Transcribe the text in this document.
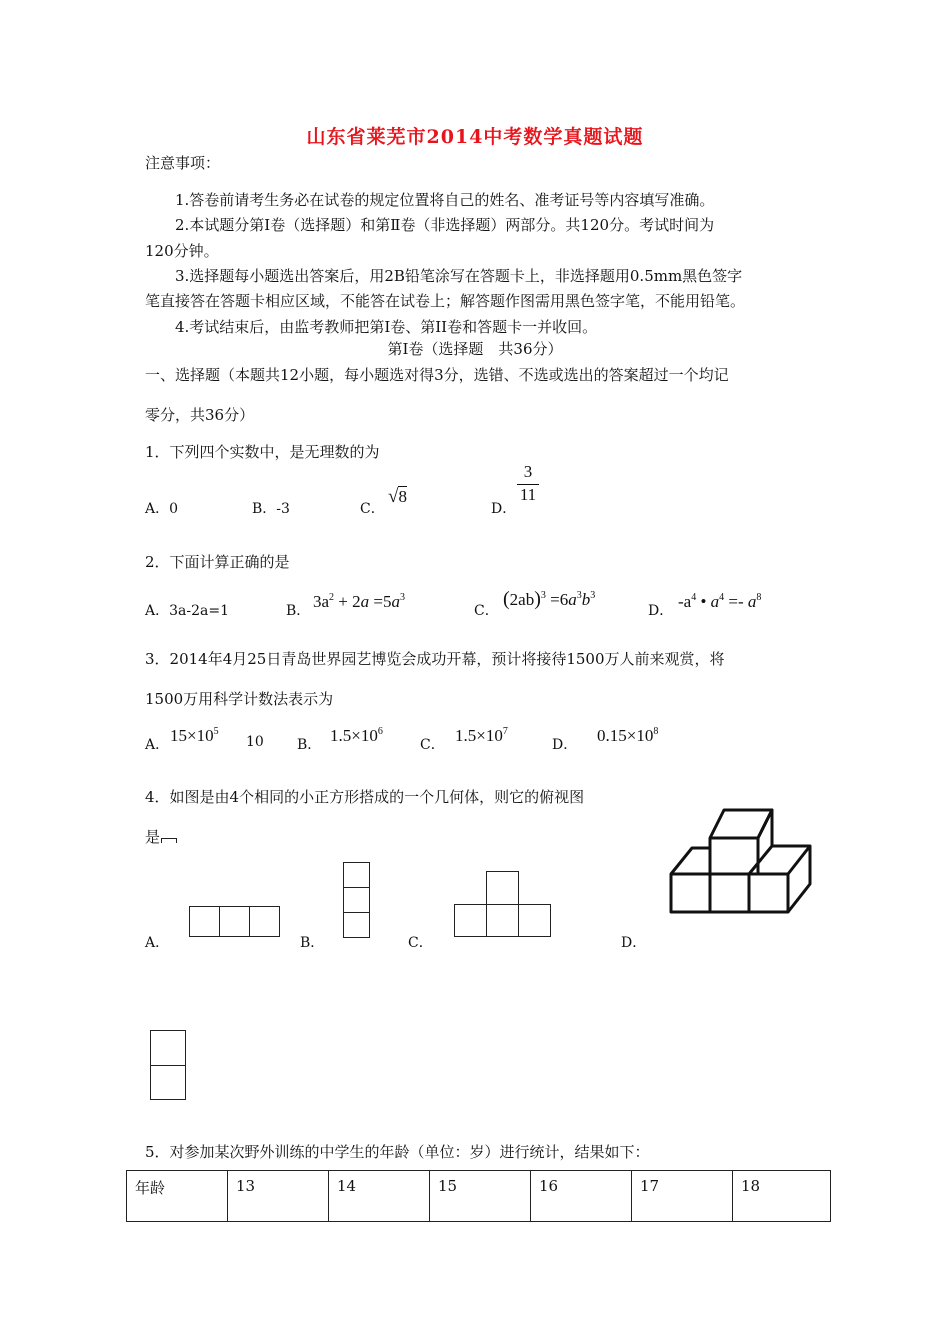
山东省莱芜市2014中考数学真题试题
注意事项：
1.答卷前请考生务必在试卷的规定位置将自己的姓名、准考证号等内容填写准确。
2.本试题分第Ⅰ卷（选择题）和第Ⅱ卷（非选择题）两部分。共120分。考试时间为
120分钟。
3.选择题每小题选出答案后，用2B铅笔涂写在答题卡上，非选择题用0.5mm黑色签字
笔直接答在答题卡相应区域，不能答在试卷上；解答题作图需用黑色签字笔，不能用铅笔。
4.考试结束后，由监考教师把第Ⅰ卷、第II卷和答题卡一并收回。
第Ⅰ卷（选择题　共36分）
一、选择题（本题共12小题，每小题选对得3分，选错、不选或选出的答案超过一个均记
零分，共36分）
1．下列四个实数中，是无理数的为
A．0	B．-3	C．
√8
D．
$\frac{3}{11}$
2．下面计算正确的是
A．3a-2a=1	B． $3a^2 + 2a =5a^3$
C．
$(2ab)^3 =6a^3b^3$
D． $-a^4$ • $a^4 =- a^8$
3．2014年4月25日青岛世界园艺博览会成功开幕，预计将接待1500万人前来观赏，将
1500万用科学计数法表示为
A． $15\times 10^5$
10 B． $1.5\times 10^6$
C． $1.5\times 10^7$
D． $0.15\times 10^8$
4．如图是由4个相同的小正方形搭成的一个几何体，则它的俯视图
是
A．	B．	C．	D．
5．对参加某次野外训练的中学生的年龄（单位：岁）进行统计，结果如下：
年龄	13	14	15	16	17	18
